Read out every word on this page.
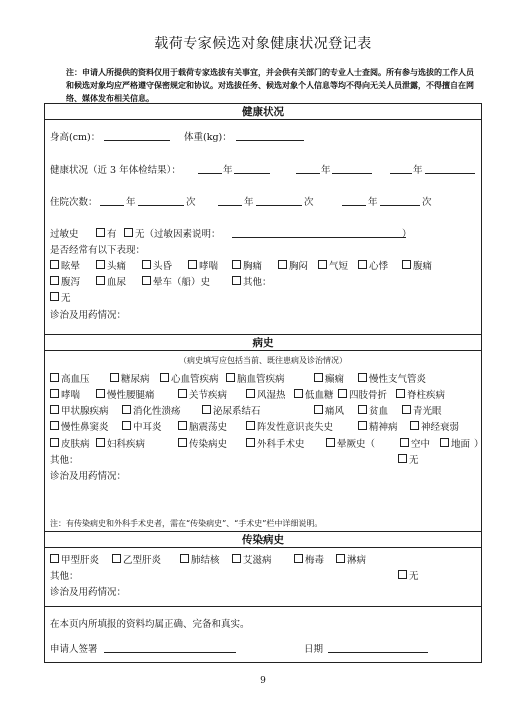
载荷专家候选对象健康状况登记表
注：申请人所提供的资料仅用于载荷专家选拔有关事宜，并会供有关部门的专业人士查阅。所有参与选拔的工作人员和候选对象均应严格遵守保密规定和协议。对选拔任务、候选对象个人信息等均不得向无关人员泄露，不得擅自在网络、媒体发布相关信息。
健康状况
身高(cm)：	体重(kg)：
健康状况（近 3 年体检结果）：	年	年	年
住院次数：	年	次	年	次	年	次
过敏史	有	无（过敏因素说明：	）
是否经常有以下表现：
眩晕	头痛	头昏	哮喘	胸痛	胸闷	气短	心悸	腹痛
腹泻	血尿	晕车（船）史	其他：
无
诊治及用药情况：
病史
（病史填写应包括当前、既往患病及诊治情况）
高血压	糖尿病	心血管疾病	脑血管疾病	癫痫	慢性支气管炎
哮喘	慢性腰腿痛	关节疾病	风湿热	低血糖	四肢骨折	脊柱疾病
甲状腺疾病	消化性溃疡	泌尿系结石	痛风	贫血	青光眼
慢性鼻窦炎	中耳炎	脑震荡史	阵发性意识丧失史	精神病	神经衰弱
皮肤病	妇科疾病	传染病史	外科手术史	晕厥史（	空中	地面 ）
其他：	无
诊治及用药情况：
注：有传染病史和外科手术史者，需在“传染病史”、“手术史”栏中详细说明。
传染病史
甲型肝炎	乙型肝炎	肺结核	艾滋病	梅毒	淋病
其他：	无
诊治及用药情况：
在本页内所填报的资料均属正确、完备和真实。
申请人签署	日期
9
